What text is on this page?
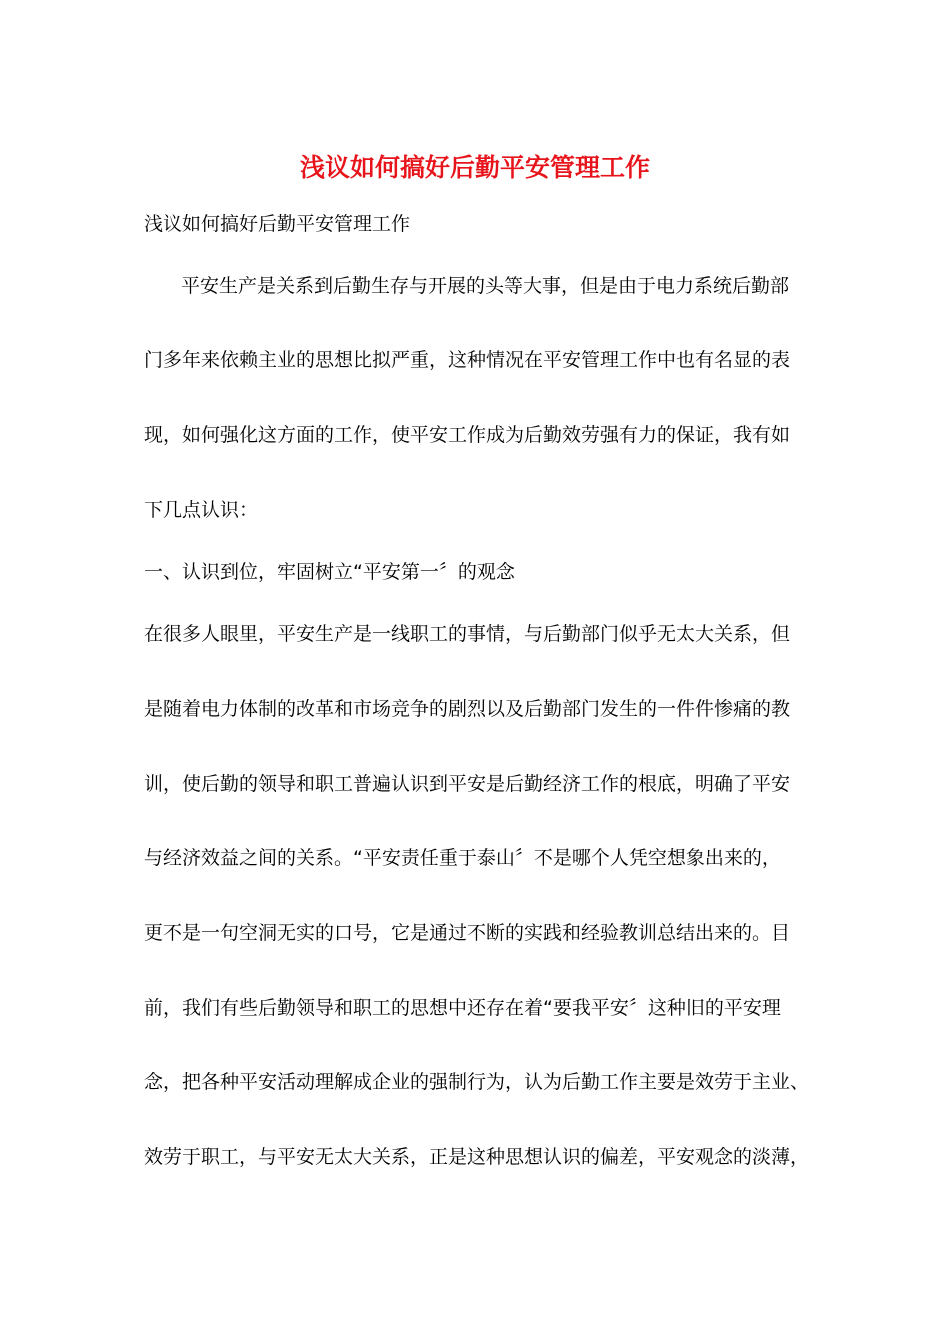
浅议如何搞好后勤平安管理工作
浅议如何搞好后勤平安管理工作
平安生产是关系到后勤生存与开展的头等大事，但是由于电力系统后勤部
门多年来依赖主业的思想比拟严重，这种情况在平安管理工作中也有名显的表
现，如何强化这方面的工作，使平安工作成为后勤效劳强有力的保证，我有如
下几点认识：
一、认识到位，牢固树立“平安第一〞的观念
在很多人眼里，平安生产是一线职工的事情，与后勤部门似乎无太大关系，但
是随着电力体制的改革和市场竞争的剧烈以及后勤部门发生的一件件惨痛的教
训，使后勤的领导和职工普遍认识到平安是后勤经济工作的根底，明确了平安
与经济效益之间的关系。“平安责任重于泰山〞不是哪个人凭空想象出来的，
更不是一句空洞无实的口号，它是通过不断的实践和经验教训总结出来的。目
前，我们有些后勤领导和职工的思想中还存在着“要我平安〞这种旧的平安理
念，把各种平安活动理解成企业的强制行为，认为后勤工作主要是效劳于主业、
效劳于职工，与平安无太大关系，正是这种思想认识的偏差，平安观念的淡薄，
